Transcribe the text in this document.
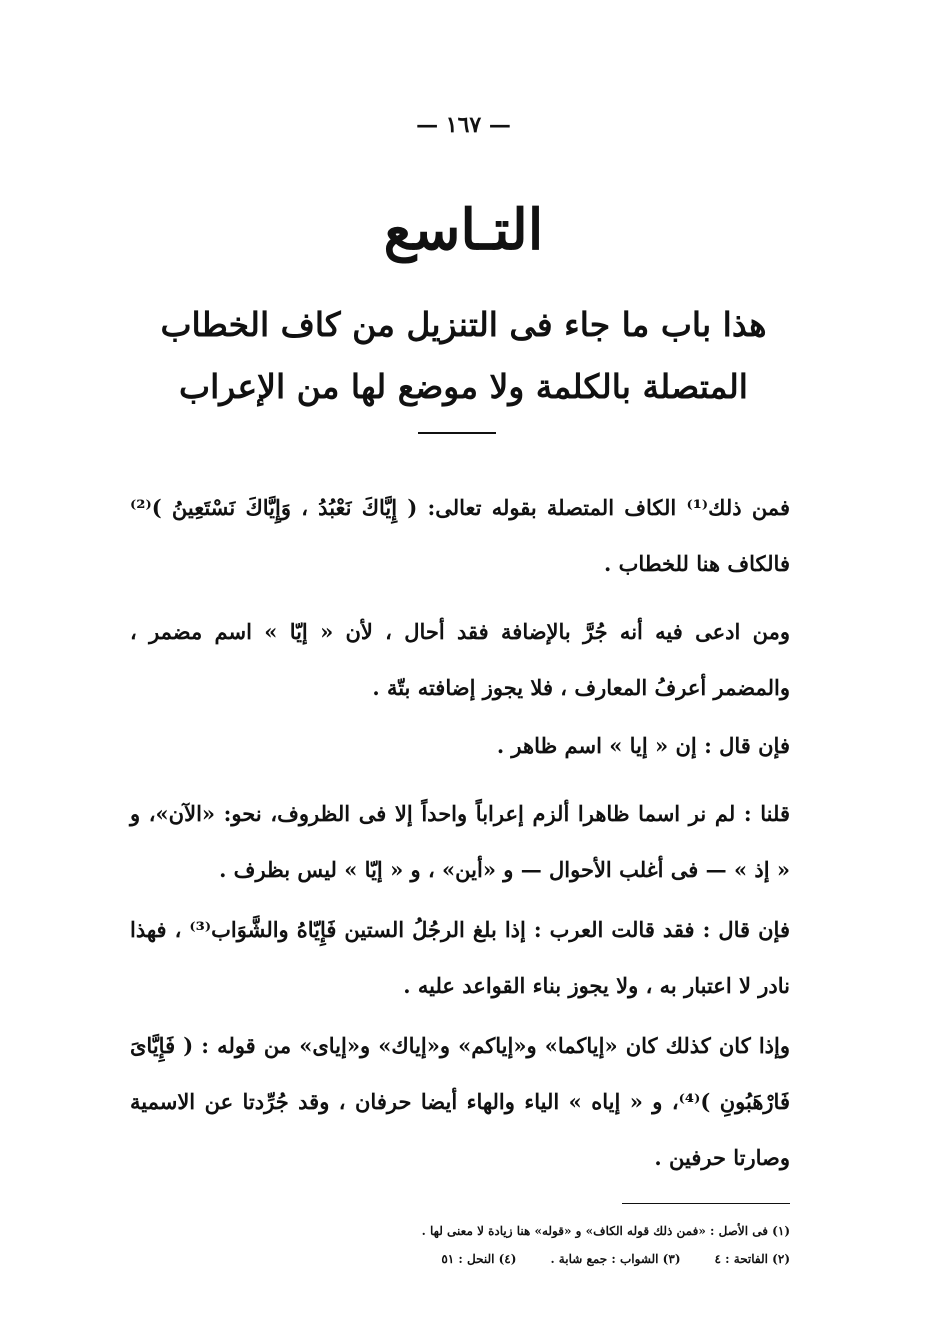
— ١٦٧ —
التـاسع
هذا باب ما جاء فى التنزيل من كاف الخطاب
المتصلة بالكلمة ولا موضع لها من الإعراب
فمن ذلك⁽¹⁾ الكاف المتصلة بقوله تعالى: ( إِيَّاكَ نَعْبُدُ ، وَإِيَّاكَ نَسْتَعِينُ )⁽²⁾ فالكاف هنا للخطاب .
ومن ادعى فيه أنه جُرَّ بالإضافة فقد أحال ، لأن « إيّا » اسم مضمر ، والمضمر أعرفُ المعارف ، فلا يجوز إضافته بتّة .
فإن قال : إن « إيا » اسم ظاهر .
قلنا : لم نر اسما ظاهرا ألزم إعراباً واحداً إلا فى الظروف، نحو: «الآن»، و « إذ » — فى أغلب الأحوال — و «أين» ، و « إيّا » ليس بظرف .
فإن قال : فقد قالت العرب : إذا بلغ الرجُلُ الستين فَإِيّاهُ والشَّوَاب⁽³⁾ ، فهذا نادر لا اعتبار به ، ولا يجوز بناء القواعد عليه .
وإذا كان كذلك كان «إياكما» و«إياكم» و«إياك» و«إياى» من قوله : ( فَإِيَّاىَ فَارْهَبُونِ )⁽⁴⁾، و « إياه » الياء والهاء أيضا حرفان ، وقد جُرِّدتا عن الاسمية وصارتا حرفين .
(١) فى الأصل : «فمن ذلك قوله الكاف» و «قوله» هنا زيادة لا معنى لها .
(٢) الفاتحة : ٤
(٣) الشواب : جمع شابة .
(٤) النحل : ٥١
